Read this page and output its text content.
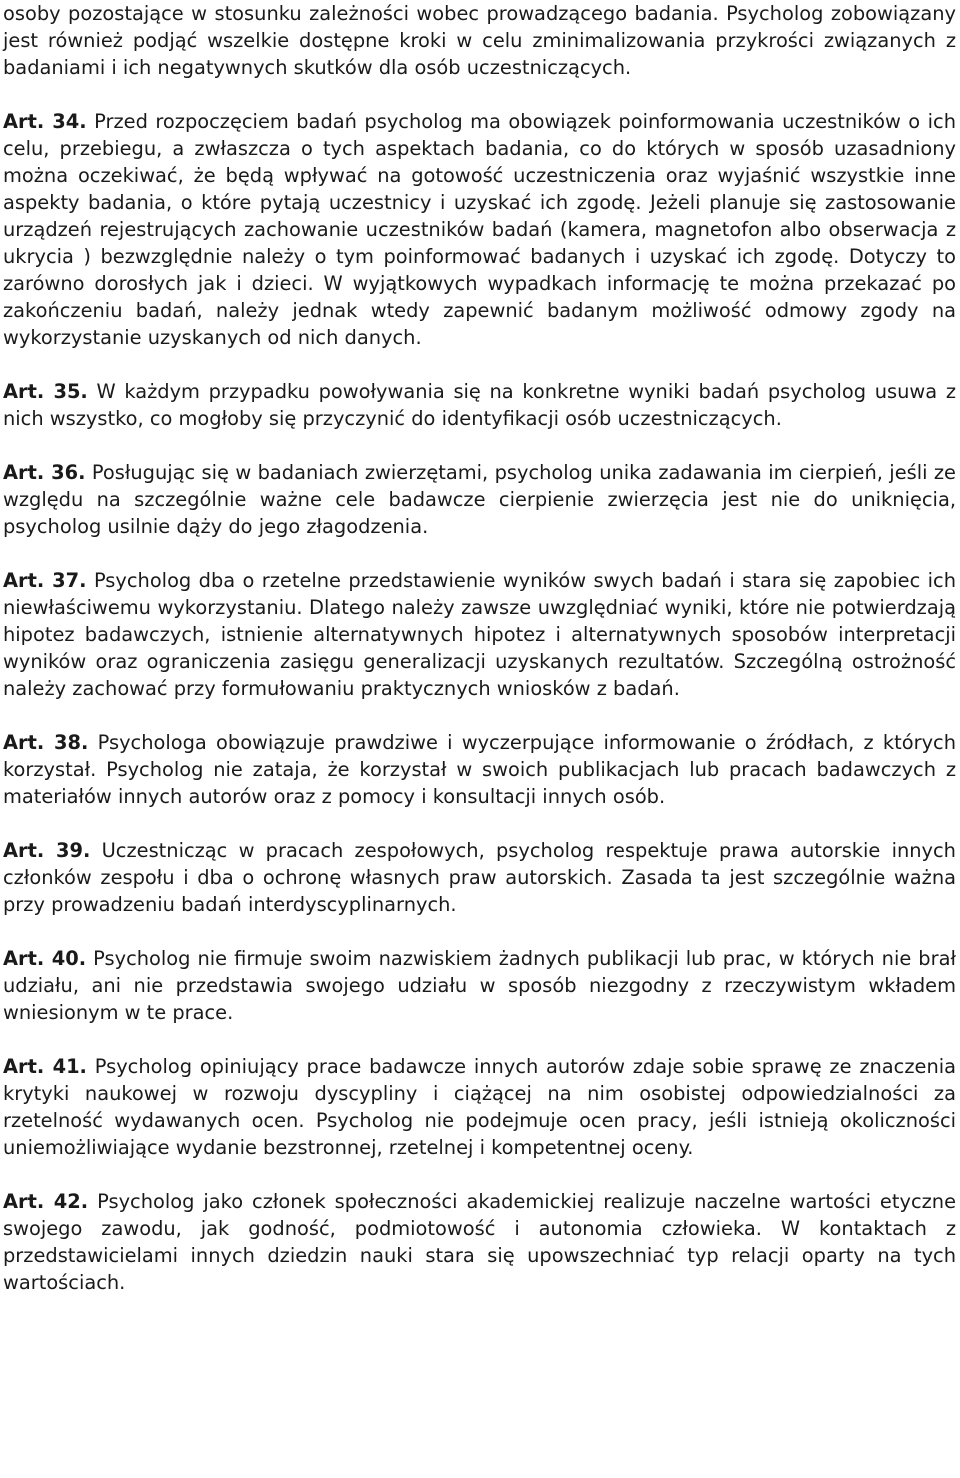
osoby pozostające w stosunku zależności wobec prowadzącego badania. Psycholog zobowiązany jest również podjąć wszelkie dostępne kroki w celu zminimalizowania przykrości związanych z badaniami i ich negatywnych skutków dla osób uczestniczących.

Art. 34. Przed rozpoczęciem badań psycholog ma obowiązek poinformowania uczestników o ich celu, przebiegu, a zwłaszcza o tych aspektach badania, co do których w sposób uzasadniony można oczekiwać, że będą wpływać na gotowość uczestniczenia oraz wyjaśnić wszystkie inne aspekty badania, o które pytają uczestnicy i uzyskać ich zgodę. Jeżeli planuje się zastosowanie urządzeń rejestrujących zachowanie uczestników badań (kamera, magnetofon albo obserwacja z ukrycia ) bezwzględnie należy o tym poinformować badanych i uzyskać ich zgodę. Dotyczy to zarówno dorosłych jak i dzieci. W wyjątkowych wypadkach informację te można przekazać po zakończeniu badań, należy jednak wtedy zapewnić badanym możliwość odmowy zgody na wykorzystanie uzyskanych od nich danych.

Art. 35. W każdym przypadku powoływania się na konkretne wyniki badań psycholog usuwa z nich wszystko, co mogłoby się przyczynić do identyfikacji osób uczestniczących.

Art. 36. Posługując się w badaniach zwierzętami, psycholog unika zadawania im cierpień, jeśli ze względu na szczególnie ważne cele badawcze cierpienie zwierzęcia jest nie do uniknięcia, psycholog usilnie dąży do jego złagodzenia.

Art. 37. Psycholog dba o rzetelne przedstawienie wyników swych badań i stara się zapobiec ich niewłaściwemu wykorzystaniu. Dlatego należy zawsze uwzględniać wyniki, które nie potwierdzają hipotez badawczych, istnienie alternatywnych hipotez i alternatywnych sposobów interpretacji wyników oraz ograniczenia zasięgu generalizacji uzyskanych rezultatów. Szczególną ostrożność należy zachować przy formułowaniu praktycznych wniosków z badań.

Art. 38. Psychologa obowiązuje prawdziwe i wyczerpujące informowanie o źródłach, z których korzystał. Psycholog nie zataja, że korzystał w swoich publikacjach lub pracach badawczych z materiałów innych autorów oraz z pomocy i konsultacji innych osób.

Art. 39. Uczestnicząc w pracach zespołowych, psycholog respektuje prawa autorskie innych członków zespołu i dba o ochronę własnych praw autorskich. Zasada ta jest szczególnie ważna przy prowadzeniu badań interdyscyplinarnych.

Art. 40. Psycholog nie firmuje swoim nazwiskiem żadnych publikacji lub prac, w których nie brał udziału, ani nie przedstawia swojego udziału w sposób niezgodny z rzeczywistym wkładem wniesionym w te prace.

Art. 41. Psycholog opiniujący prace badawcze innych autorów zdaje sobie sprawę ze znaczenia krytyki naukowej w rozwoju dyscypliny i ciążącej na nim osobistej odpowiedzialności za rzetelność wydawanych ocen. Psycholog nie podejmuje ocen pracy, jeśli istnieją okoliczności uniemożliwiające wydanie bezstronnej, rzetelnej i kompetentnej oceny.

Art. 42. Psycholog jako członek społeczności akademickiej realizuje naczelne wartości etyczne swojego zawodu, jak godność, podmiotowość i autonomia człowieka. W kontaktach z przedstawicielami innych dziedzin nauki stara się upowszechniać typ relacji oparty na tych wartościach.
